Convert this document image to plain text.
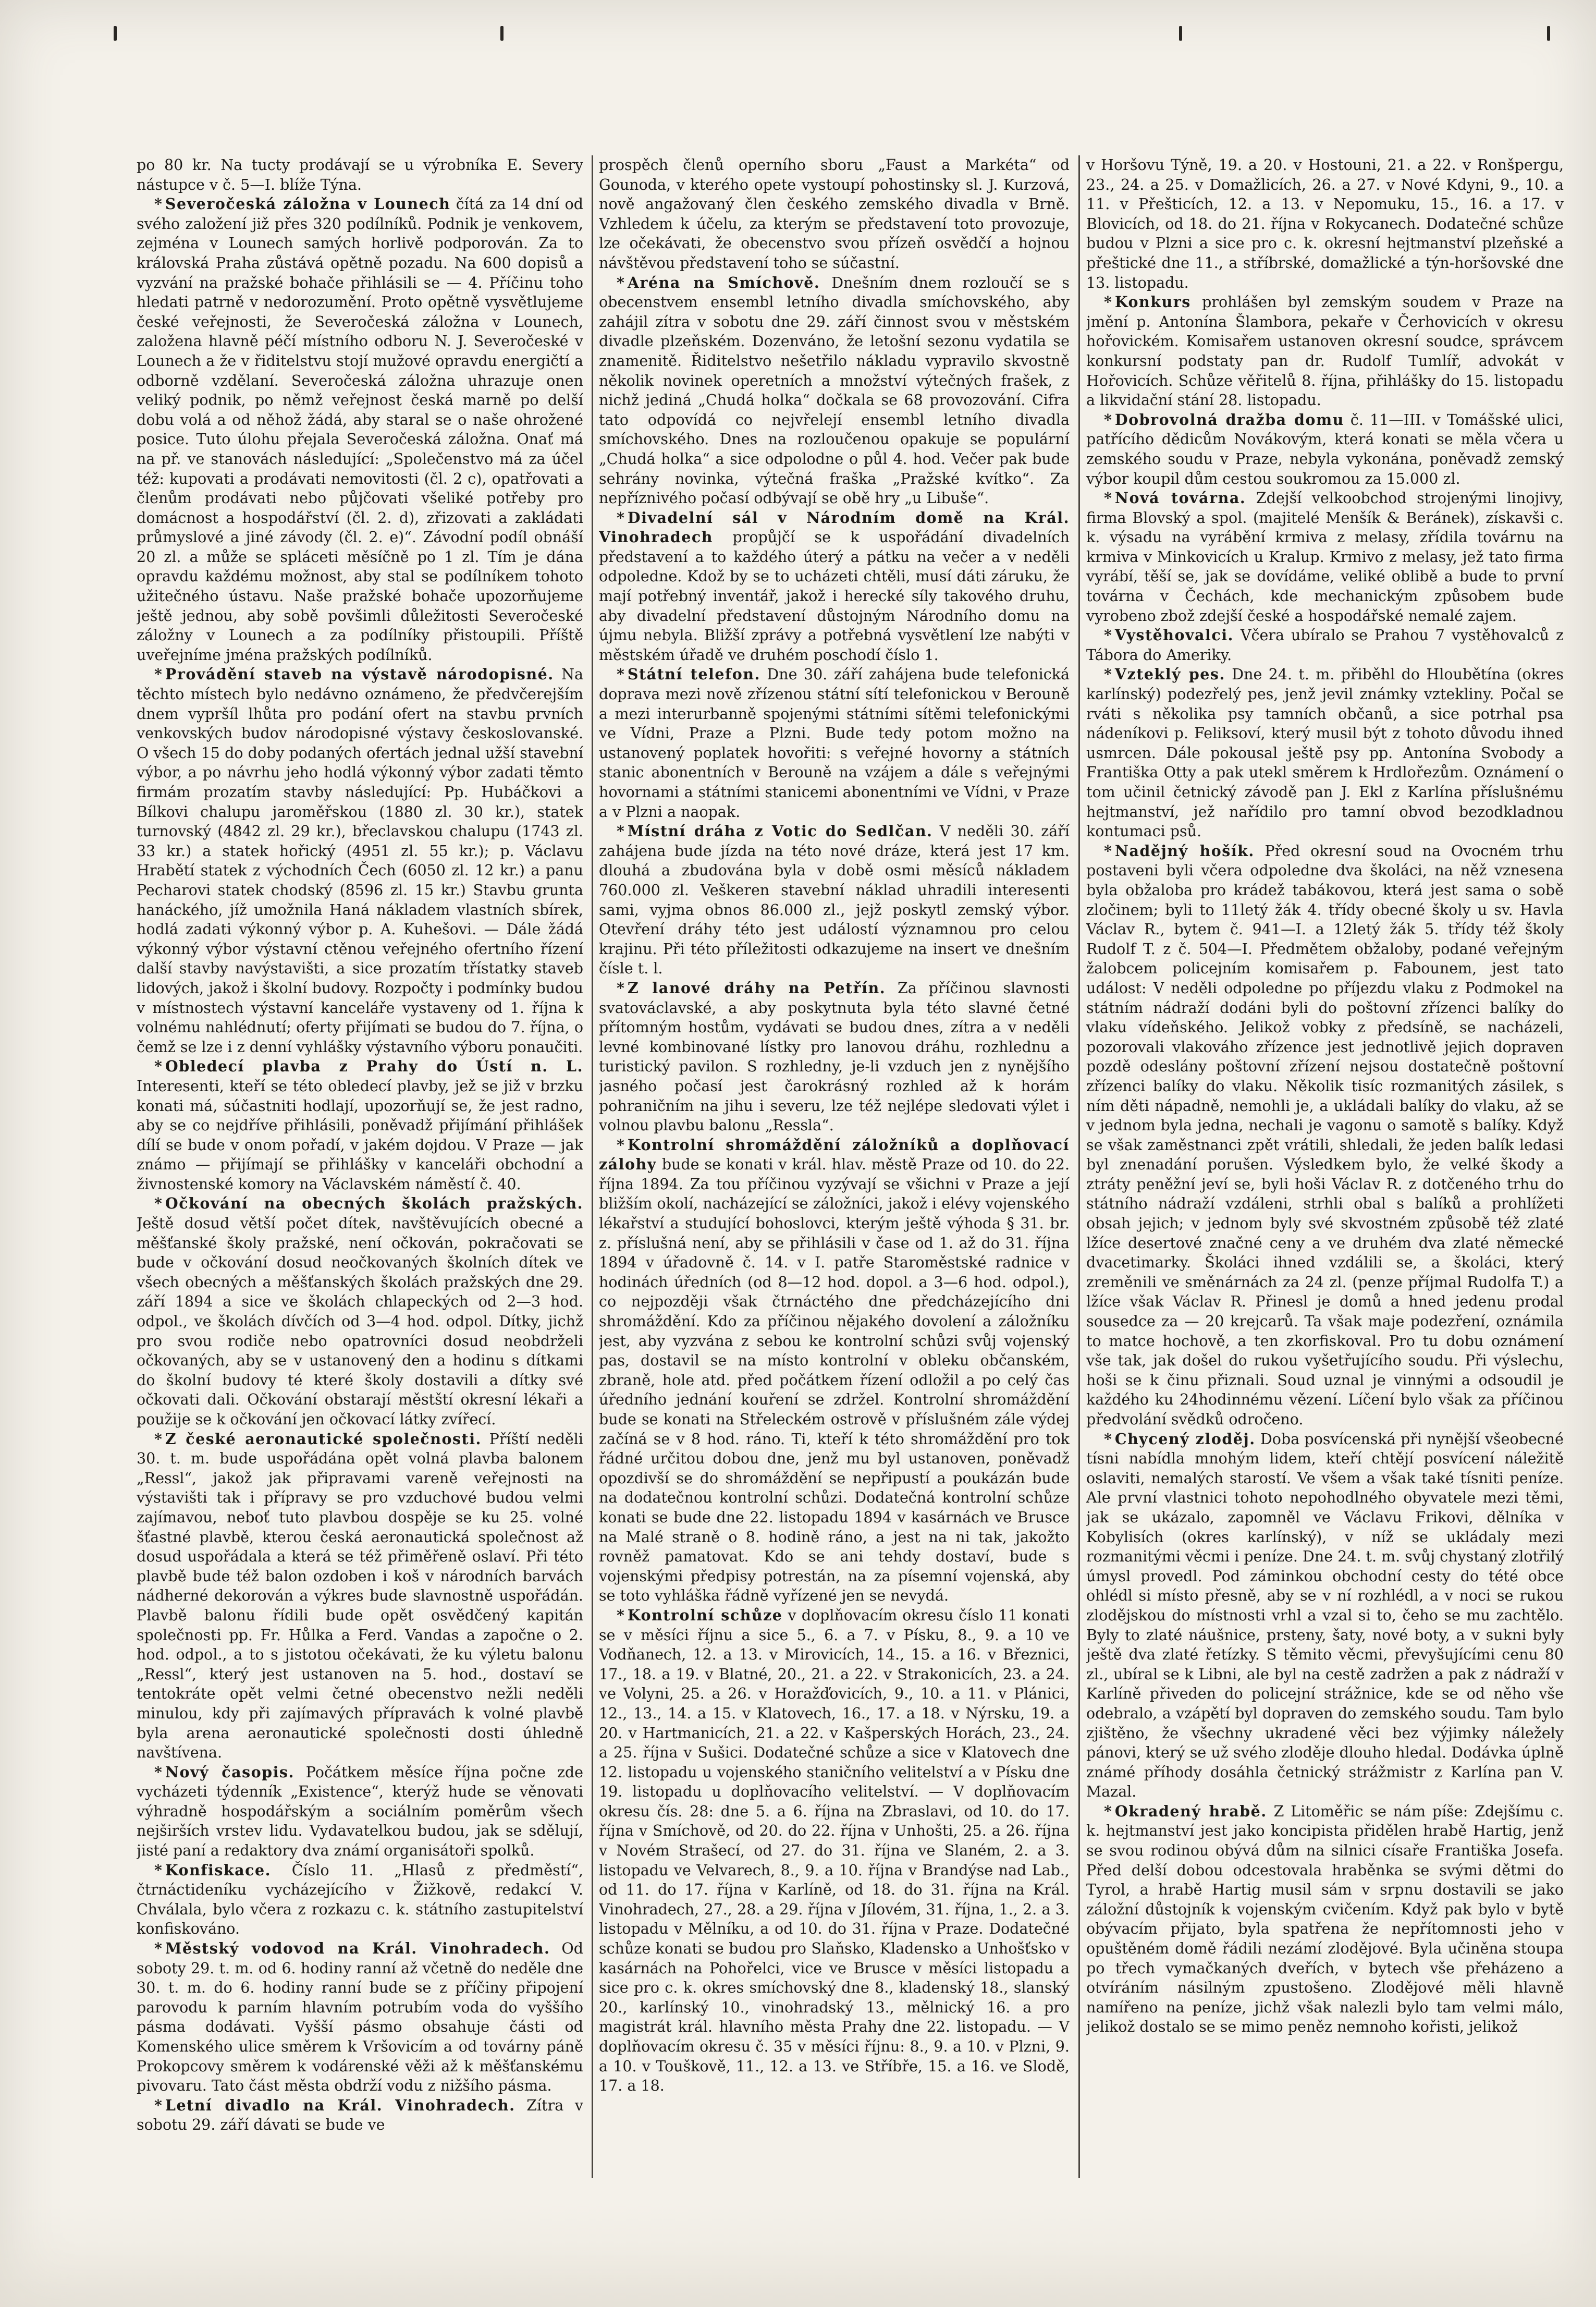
po 80 kr. Na tucty prodávají se u výrobníka E. Severy nástupce v č. 5—I. blíže Týna.

* Severočeská záložna v Lounech čítá za 14 dní od svého založení již přes 320 podílníků. Podnik je venkovem, zejména v Lounech samých horlivě podporován. Za to královská Praha zůstává opětně pozadu. Na 600 dopisů a vyzvání na pražské bohače přihlásili se — 4. Příčinu toho hledati patrně v nedorozumění. Proto opětně vysvětlujeme české veřejnosti, že Severočeská záložna v Lounech, založena hlavně péčí místního odboru N. J. Severočeské v Lounech a že v řiditelstvu stojí mužové opravdu energičtí a odborně vzdělaní. Severočeská záložna uhrazuje onen veliký podnik, po němž veřejnost česká marně po delší dobu volá a od něhož žádá, aby staral se o naše ohrožené posice. Tuto úlohu přejala Severočeská záložna. Onať má na př. ve stanovách následující: „Společenstvo má za účel též: kupovati a prodávati nemovitosti (čl. 2 c), opatřovati a členům prodávati nebo půjčovati všeliké potřeby pro domácnost a hospodářství (čl. 2. d), zřizovati a zakládati průmyslové a jiné závody (čl. 2. e)“. Závodní podíl obnáší 20 zl. a může se spláceti měsíčně po 1 zl. Tím je dána opravdu každému možnost, aby stal se podílníkem tohoto užitečného ústavu. Naše pražské bohače upozorňujeme ještě jednou, aby sobě povšimli důležitosti Severočeské záložny v Lounech a za podílníky přistoupili. Příště uveřejníme jména pražských podílníků.

* Provádění staveb na výstavě národopisné. Na těchto místech bylo nedávno oznámeno, že předvčerejším dnem vypršíl lhůta pro podání ofert na stavbu prvních venkovských budov národopisné výstavy českoslovanské. O všech 15 do doby podaných ofertách jednal užší stavební výbor, a po návrhu jeho hodlá výkonný výbor zadati těmto firmám prozatím stavby následující: Pp. Hubáčkovi a Bílkovi chalupu jaroměřskou (1880 zl. 30 kr.), statek turnovský (4842 zl. 29 kr.), břeclavskou chalupu (1743 zl. 33 kr.) a statek hořický (4951 zl. 55 kr.); p. Václavu Hrabětí statek z východních Čech (6050 zl. 12 kr.) a panu Pecharovi statek chodský (8596 zl. 15 kr.) Stavbu grunta hanáckého, jíž umožnila Haná nákladem vlastních sbírek, hodlá zadati výkonný výbor p. A. Kuhešovi. — Dále žádá výkonný výbor výstavní ctěnou veřejného ofertního řízení další stavby navýstavišti, a sice prozatím třístatky staveb lidových, jakož i školní budovy. Rozpočty i podmínky budou v místnostech výstavní kanceláře vystaveny od 1. října k volnému nahlédnutí; oferty přijímati se budou do 7. října, o čemž se lze i z denní vyhlášky výstavního výboru ponaučiti.

* Obledecí plavba z Prahy do Ústí n. L. Interesenti, kteří se této obledecí plavby, jež se již v brzku konati má, súčastniti hodlají, upozorňují se, že jest radno, aby se co nejdříve přihlásili, poněvadž přijímání přihlášek dílí se bude v onom pořadí, v jakém dojdou. V Praze — jak známo — přijímají se přihlášky v kanceláři obchodní a živnostenské komory na Václavském náměstí č. 40.

* Očkování na obecných školách pražských. Ještě dosud větší počet dítek, navštěvujících obecné a měšťanské školy pražské, není očkován, pokračovati se bude v očkování dosud neočkovaných školních dítek ve všech obecných a měšťanských školách pražských dne 29. září 1894 a sice ve školách chlapeckých od 2—3 hod. odpol., ve školách dívčích od 3—4 hod. odpol. Dítky, jichž pro svou rodiče nebo opatrovníci dosud neobdrželi očkovaných, aby se v ustanovený den a hodinu s dítkami do školní budovy té které školy dostavili a dítky své očkovati dali. Očkování obstarají městští okresní lékaři a použije se k očkování jen očkovací látky zvířecí.

* Z české aeronautické společnosti. Příští neděli 30. t. m. bude uspořádána opět volná plavba balonem „Ressl“, jakož jak připravami vareně veřejnosti na výstavišti tak i přípravy se pro vzduchové budou velmi zajímavou, neboť tuto plavbou dospěje se ku 25. volné šťastné plavbě, kterou česká aeronautická společnost až dosud uspořádala a která se též přiměřeně oslaví. Při této plavbě bude též balon ozdoben i koš v národních barvách nádherné dekorován a výkres bude slavnostně uspořádán. Plavbě balonu řídili bude opět osvědčený kapitán společnosti pp. Fr. Hůlka a Ferd. Vandas a započne o 2. hod. odpol., a to s jistotou očekávati, že ku výletu balonu „Ressl“, který jest ustanoven na 5. hod., dostaví se tentokráte opět velmi četné obecenstvo nežli neděli minulou, kdy při zajímavých přípravách k volné plavbě byla arena aeronautické společnosti dosti úhledně navštívena.

* Nový časopis. Počátkem měsíce října počne zde vycházeti týdenník „Existence“, kterýž hude se věnovati výhradně hospodářským a sociálním poměrům všech nejširších vrstev lidu. Vydavatelkou budou, jak se sdělují, jisté paní a redaktory dva známí organisátoři spolků.

* Konfiskace. Číslo 11. „Hlasů z předměstí“, čtrnáctideníku vycházejícího v Žižkově, redakcí V. Chválala, bylo včera z rozkazu c. k. státního zastupitelství konfiskováno.

* Městský vodovod na Král. Vinohradech. Od soboty 29. t. m. od 6. hodiny ranní až včetně do neděle dne 30. t. m. do 6. hodiny ranní bude se z příčiny připojení parovodu k parním hlavním potrubím voda do vyššího pásma dodávati. Vyšší pásmo obsahuje části od Komenského ulice směrem k Vršovicím a od továrny páně Prokopcovy směrem k vodárenské věži až k měšťanskému pivovaru. Tato část města obdrží vodu z nižšího pásma.

* Letní divadlo na Král. Vinohradech. Zítra v sobotu 29. září dávati se bude ve

prospěch členů operního sboru „Faust a Markéta“ od Gounoda, v kterého opete vystoupí pohostinsky sl. J. Kurzová, nově angažovaný člen českého zemského divadla v Brně. Vzhledem k účelu, za kterým se představení toto provozuje, lze očekávati, že obecenstvo svou přízeň osvědčí a hojnou návštěvou představení toho se súčastní.

* Aréna na Smíchově. Dnešním dnem rozloučí se s obecenstvem ensembl letního divadla smíchovského, aby zahájil zítra v sobotu dne 29. září činnost svou v městském divadle plzeňském. Dozenváno, že letošní sezonu vydatila se znamenitě. Řiditelstvo nešetřilo nákladu vypravilo skvostně několik novinek operetních a množství výtečných frašek, z nichž jediná „Chudá holka“ dočkala se 68 provozování. Cifra tato odpovídá co nejvřelejí ensembl letního divadla smíchovského. Dnes na rozloučenou opakuje se populární „Chudá holka“ a sice odpolodne o půl 4. hod. Večer pak bude sehrány novinka, výtečná fraška „Pražské kvítko“. Za nepříznivého počasí odbývají se obě hry „u Libuše“.

* Divadelní sál v Národním domě na Král. Vinohradech propůjčí se k uspořádání divadelních představení a to každého úterý a pátku na večer a v neděli odpoledne. Kdož by se to ucházeti chtěli, musí dáti záruku, že mají potřebný inventář, jakož i herecké síly takového druhu, aby divadelní představení důstojným Národního domu na újmu nebyla. Bližší zprávy a potřebná vysvětlení lze nabýti v městském úřadě ve druhém poschodí číslo 1.

* Státní telefon. Dne 30. září zahájena bude telefonická doprava mezi nově zřízenou státní sítí telefonickou v Berouně a mezi interurbanně spojenými státními sítěmi telefonickými ve Vídni, Praze a Plzni. Bude tedy potom možno na ustanovený poplatek hovořiti: s veřejné hovorny a státních stanic abonentních v Berouně na vzájem a dále s veřejnými hovornami a státními stanicemi abonentními ve Vídni, v Praze a v Plzni a naopak.

* Místní dráha z Votic do Sedlčan. V neděli 30. září zahájena bude jízda na této nové dráze, která jest 17 km. dlouhá a zbudována byla v době osmi měsíců nákladem 760.000 zl. Veškeren stavební náklad uhradili interesenti sami, vyjma obnos 86.000 zl., jejž poskytl zemský výbor. Otevření dráhy této jest událostí významnou pro celou krajinu. Při této příležitosti odkazujeme na insert ve dnešním čísle t. l.

* Z lanové dráhy na Petřín. Za příčinou slavnosti svatováclavské, a aby poskytnuta byla této slavné četné přítomným hostům, vydávati se budou dnes, zítra a v neděli levné kombinované lístky pro lanovou dráhu, rozhlednu a turistický pavilon. S rozhledny, je-li vzduch jen z nynějšího jasného počasí jest čarokrásný rozhled až k horám pohraničním na jihu i severu, lze též nejlépe sledovati výlet i volnou plavbu balonu „Ressla“.

* Kontrolní shromáždění záložníků a doplňovací zálohy bude se konati v král. hlav. městě Praze od 10. do 22. října 1894. Za tou příčinou vyzývají se všichni v Praze a její bližším okolí, nacházející se záložníci, jakož i elévy vojenského lékařství a studující bohoslovci, kterým ještě výhoda § 31. br. z. příslušná není, aby se přihlásili v čase od 1. až do 31. října 1894 v úřadovně č. 14. v I. patře Staroměstské radnice v hodinách úředních (od 8—12 hod. dopol. a 3—6 hod. odpol.), co nejpozději však čtrnáctého dne předcházejícího dni shromáždění. Kdo za příčinou nějakého dovolení a záložníku jest, aby vyzvána z sebou ke kontrolní schůzi svůj vojenský pas, dostavil se na místo kontrolní v obleku občanském, zbraně, hole atd. před počátkem řízení odložil a po celý čas úředního jednání kouření se zdržel. Kontrolní shromáždění bude se konati na Střeleckém ostrově v příslušném zále výdej začíná se v 8 hod. ráno. Ti, kteří k této shromáždění pro tok řádné určitou dobou dne, jenž mu byl ustanoven, poněvadž opozdivší se do shromáždění se nepřipustí a poukázán bude na dodatečnou kontrolní schůzi. Dodatečná kontrolní schůze konati se bude dne 22. listopadu 1894 v kasárnách ve Brusce na Malé straně o 8. hodině ráno, a jest na ni tak, jakožto rovněž pamatovat. Kdo se ani tehdy dostaví, bude s vojenskými předpisy potrestán, na za písemní vojenská, aby se toto vyhláška řádně vyřízené jen se nevydá.

* Kontrolní schůze v doplňovacím okresu číslo 11 konati se v měsíci říjnu a sice 5., 6. a 7. v Písku, 8., 9. a 10 ve Vodňanech, 12. a 13. v Mirovicích, 14., 15. a 16. v Březnici, 17., 18. a 19. v Blatné, 20., 21. a 22. v Strakonicích, 23. a 24. ve Volyni, 25. a 26. v Horažďovicích, 9., 10. a 11. v Plánici, 12., 13., 14. a 15. v Klatovech, 16., 17. a 18. v Nýrsku, 19. a 20. v Hartmanicích, 21. a 22. v Kašperských Horách, 23., 24. a 25. října v Sušici. Dodatečné schůze a sice v Klatovech dne 12. listopadu u vojenského staničního velitelství a v Písku dne 19. listopadu u doplňovacího velitelství. — V doplňovacím okresu čís. 28: dne 5. a 6. října na Zbraslavi, od 10. do 17. října v Smíchově, od 20. do 22. října v Unhošti, 25. a 26. října v Novém Strašecí, od 27. do 31. října ve Slaném, 2. a 3. listopadu ve Velvarech, 8., 9. a 10. října v Brandýse nad Lab., od 11. do 17. října v Karlíně, od 18. do 31. října na Král. Vinohradech, 27., 28. a 29. října v Jílovém, 31. října, 1., 2. a 3. listopadu v Mělníku, a od 10. do 31. října v Praze. Dodatečné schůze konati se budou pro Slaňsko, Kladensko a Unhošťsko v kasárnách na Pohořelci, vice ve Brusce v měsíci listopadu a sice pro c. k. okres smíchovský dne 8., kladenský 18., slanský 20., karlínský 10., vinohradský 13., mělnický 16. a pro magistrát král. hlavního města Prahy dne 22. listopadu. — V doplňovacím okresu č. 35 v měsíci říjnu: 8., 9. a 10. v Plzni, 9. a 10. v Touškově, 11., 12. a 13. ve Stříbře, 15. a 16. ve Slodě, 17. a 18.

v Horšovu Týně, 19. a 20. v Hostouni, 21. a 22. v Ronšpergu, 23., 24. a 25. v Domažlicích, 26. a 27. v Nové Kdyni, 9., 10. a 11. v Přešticích, 12. a 13. v Nepomuku, 15., 16. a 17. v Blovicích, od 18. do 21. října v Rokycanech. Dodatečné schůze budou v Plzni a sice pro c. k. okresní hejtmanství plzeňské a přeštické dne 11., a stříbrské, domažlické a týn-horšovské dne 13. listopadu.

* Konkurs prohlášen byl zemským soudem v Praze na jmění p. Antonína Šlambora, pekaře v Čerhovicích v okresu hořovickém. Komisařem ustanoven okresní soudce, správcem konkursní podstaty pan dr. Rudolf Tumlíř, advokát v Hořovicích. Schůze věřitelů 8. října, přihlášky do 15. listopadu a likvidační stání 28. listopadu.

* Dobrovolná dražba domu č. 11—III. v Tomášské ulici, patřícího dědicům Novákovým, která konati se měla včera u zemského soudu v Praze, nebyla vykonána, poněvadž zemský výbor koupil dům cestou soukromou za 15.000 zl.

* Nová továrna. Zdejší velkoobchod strojenými linojivy, firma Blovský a spol. (majitelé Menšík & Beránek), získavši c. k. výsadu na vyrábění krmiva z melasy, zřídila továrnu na krmiva v Minkovicích u Kralup. Krmivo z melasy, jež tato firma vyrábí, těší se, jak se dovídáme, veliké oblibě a bude to první továrna v Čechách, kde mechanickým způsobem bude vyrobeno zbož zdejší české a hospodářské nemalé zajem.

* Vystěhovalci. Včera ubíralo se Prahou 7 vystěhovalců z Tábora do Ameriky.

* Vzteklý pes. Dne 24. t. m. přiběhl do Hloubětína (okres karlínský) podezřelý pes, jenž jevil známky vztekliny. Počal se rváti s několika psy tamních občanů, a sice potrhal psa nádeníkovi p. Feliksoví, který musil být z tohoto důvodu ihned usmrcen. Dále pokousal ještě psy pp. Antonína Svobody a Františka Otty a pak utekl směrem k Hrdlořezům. Oznámení o tom učinil četnický závodě pan J. Ekl z Karlína příslušnému hejtmanství, jež nařídilo pro tamní obvod bezodkladnou kontumaci psů.

* Nadějný hošík. Před okresní soud na Ovocném trhu postaveni byli včera odpoledne dva školáci, na něž vznesena byla obžaloba pro krádež tabákovou, která jest sama o sobě zločinem; byli to 11letý žák 4. třídy obecné školy u sv. Havla Václav R., bytem č. 941—I. a 12letý žák 5. třídy též školy Rudolf T. z č. 504—I. Předmětem obžaloby, podané veřejným žalobcem policejním komisařem p. Fabounem, jest tato událost: V neděli odpoledne po příjezdu vlaku z Podmokel na státním nádraží dodáni byli do poštovní zřízenci balíky do vlaku vídeňského. Jelikož vobky z předsíně, se nacházeli, pozorovali vlakováho zřízence jest jednotlivě jejich dopraven pozdě odeslány poštovní zřízení nejsou dostatečně poštovní zřízenci balíky do vlaku. Několik tisíc rozmanitých zásilek, s ním děti nápadně, nemohli je, a ukládali balíky do vlaku, až se v jednom byla jedna, nechali je vagonu o samotě s balíky. Když se však zaměstnanci zpět vrátili, shledali, že jeden balík ledasi byl znenadání porušen. Výsledkem bylo, že velké škody a ztráty peněžní jeví se, byli hoši Václav R. z dotčeného trhu do státního nádraží vzdáleni, strhli obal s balíků a prohlížeti obsah jejich; v jednom byly své skvostném způsobě též zlaté lžíce desertové značné ceny a ve druhém dva zlaté německé dvacetimarky. Školáci ihned vzdálili se, a školáci, který zreměnili ve směnárnách za 24 zl. (penze příjmal Rudolfa T.) a lžíce však Václav R. Přinesl je domů a hned jedenu prodal sousedce za — 20 krejcarů. Ta však maje podezření, oznámila to matce hochově, a ten zkorfiskoval. Pro tu dobu oznámení vše tak, jak došel do rukou vyšetřujícího soudu. Při výslechu, hoši se k činu přiznali. Soud uznal je vinnými a odsoudil je každého ku 24hodinnému vězení. Líčení bylo však za příčinou předvolání svědků odročeno.

* Chycený zloděj. Doba posvícenská při nynější všeobecné tísni nabídla mnohým lidem, kteří chtějí posvícení náležitě oslaviti, nemalých starostí. Ve všem a však také tísniti peníze. Ale první vlastnici tohoto nepohodlného obyvatele mezi těmi, jak se ukázalo, zapomněl ve Václavu Frikovi, dělníka v Kobylisích (okres karlínský), v níž se ukládaly mezi rozmanitými věcmi i peníze. Dne 24. t. m. svůj chystaný zlotřilý úmysl provedl. Pod záminkou obchodní cesty do tété obce ohlédl si místo přesně, aby se v ní rozhlédl, a v noci se rukou zlodějskou do místnosti vrhl a vzal si to, čeho se mu zachtělo. Byly to zlaté náušnice, prsteny, šaty, nové boty, a v sukni byly ještě dva zlaté řetízky. S těmito věcmi, převyšujícími cenu 80 zl., ubíral se k Libni, ale byl na cestě zadržen a pak z nádraží v Karlíně přiveden do policejní strážnice, kde se od něho vše odebralo, a vzápětí byl dopraven do zemského soudu. Tam bylo zjištěno, že všechny ukradené věci bez výjimky náležely pánovi, který se už svého zloděje dlouho hledal. Dodávka úplně známé příhody dosáhla četnický strážmistr z Karlína pan V. Mazal.

* Okradený hrabě. Z Litoměřic se nám píše: Zdejšímu c. k. hejtmanství jest jako koncipista přidělen hrabě Hartig, jenž se svou rodinou obývá dům na silnici císaře Františka Josefa. Před delší dobou odcestovala hraběnka se svými dětmi do Tyrol, a hrabě Hartig musil sám v srpnu dostavili se jako záložní důstojník k vojenským cvičením. Když pak bylo v bytě obývacím přijato, byla spatřena že nepřítomnosti jeho v opuštěném domě řádili nezámí zlodějové. Byla učiněna stoupa po třech vymačkaných dveřích, v bytech vše přeházeno a otvíráním násilným zpustošeno. Zlodějové měli hlavně namířeno na peníze, jichž však nalezli bylo tam velmi málo, jelikož dostalo se se mimo peněz nemnoho kořisti, jelikož
